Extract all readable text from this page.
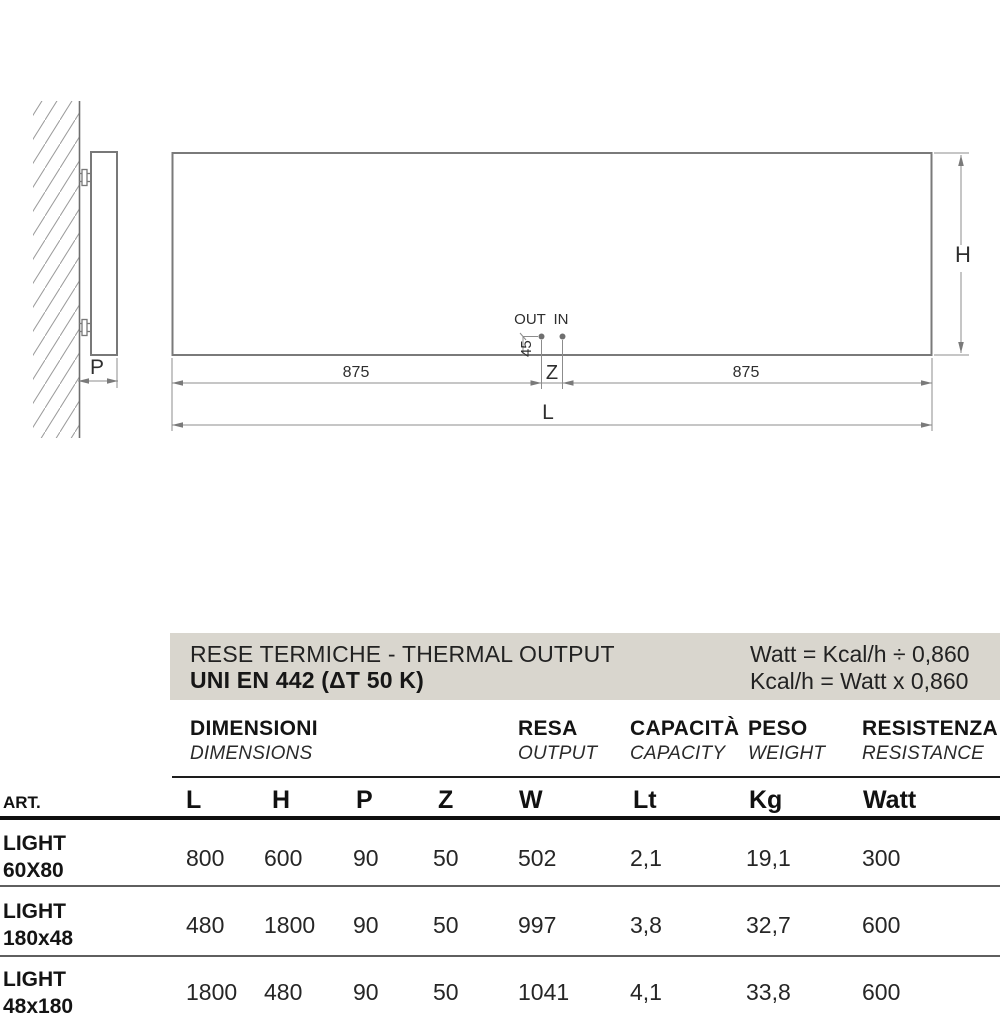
P
OUT IN
45
H
875	875
Z
L
RESE TERMICHE - THERMAL OUTPUT
UNI EN 442 (ΔT 50 K)
Watt = Kcal/h ÷ 0,860
Kcal/h = Watt x 0,860
DIMENSIONI
DIMENSIONS
RESA
OUTPUT
CAPACITÀ
CAPACITY
PESO
WEIGHT
RESISTENZA
RESISTANCE
ART.	L	H	P	Z	W	Lt	Kg	Watt
LIGHT
60X80	800	600	90	50	502	2,1	19,1	300
LIGHT
180x48
480	1800	90	50	997	3,8	32,7	600
LIGHT
48x180
1800	480	90	50	1041	4,1	33,8	600
